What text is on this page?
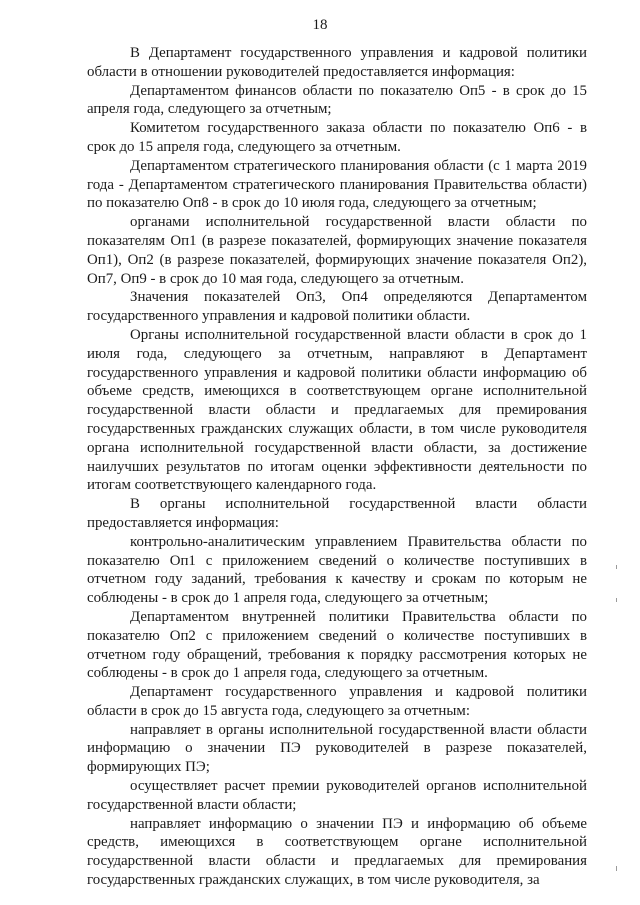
18

В Департамент государственного управления и кадровой политики области в отношении руководителей предоставляется информация:

Департаментом финансов области по показателю Оп5 - в срок до 15 апреля года, следующего за отчетным;

Комитетом государственного заказа области по показателю Оп6 - в срок до 15 апреля года, следующего за отчетным.

Департаментом стратегического планирования области (с 1 марта 2019 года - Департаментом стратегического планирования Правительства области) по показателю Оп8 - в срок до 10 июля года, следующего за отчетным;

органами исполнительной государственной власти области по показателям Оп1 (в разрезе показателей, формирующих значение показателя Оп1), Оп2 (в разрезе показателей, формирующих значение показателя Оп2), Оп7, Оп9 - в срок до 10 мая года, следующего за отчетным.

Значения показателей Оп3, Оп4 определяются Департаментом государственного управления и кадровой политики области.

Органы исполнительной государственной власти области в срок до 1 июля года, следующего за отчетным, направляют в Департамент государственного управления и кадровой политики области информацию об объеме средств, имеющихся в соответствующем органе исполнительной государственной власти области и предлагаемых для премирования государственных гражданских служащих области, в том числе руководителя органа исполнительной государственной власти области, за достижение наилучших результатов по итогам оценки эффективности деятельности по итогам соответствующего календарного года.

В органы исполнительной государственной власти области предоставляется информация:

контрольно-аналитическим управлением Правительства области по показателю Оп1 с приложением сведений о количестве поступивших в отчетном году заданий, требования к качеству и срокам по которым не соблюдены - в срок до 1 апреля года, следующего за отчетным;

Департаментом внутренней политики Правительства области по показателю Оп2 с приложением сведений о количестве поступивших в отчетном году обращений, требования к порядку рассмотрения которых не соблюдены - в срок до 1 апреля года, следующего за отчетным.

Департамент государственного управления и кадровой политики области в срок до 15 августа года, следующего за отчетным:

направляет в органы исполнительной государственной власти области информацию о значении ПЭ руководителей в разрезе показателей, формирующих ПЭ;

осуществляет расчет премии руководителей органов исполнительной государственной власти области;

направляет информацию о значении ПЭ и информацию об объеме средств, имеющихся в соответствующем органе исполнительной государственной власти области и предлагаемых для премирования государственных гражданских служащих, в том числе руководителя, за
